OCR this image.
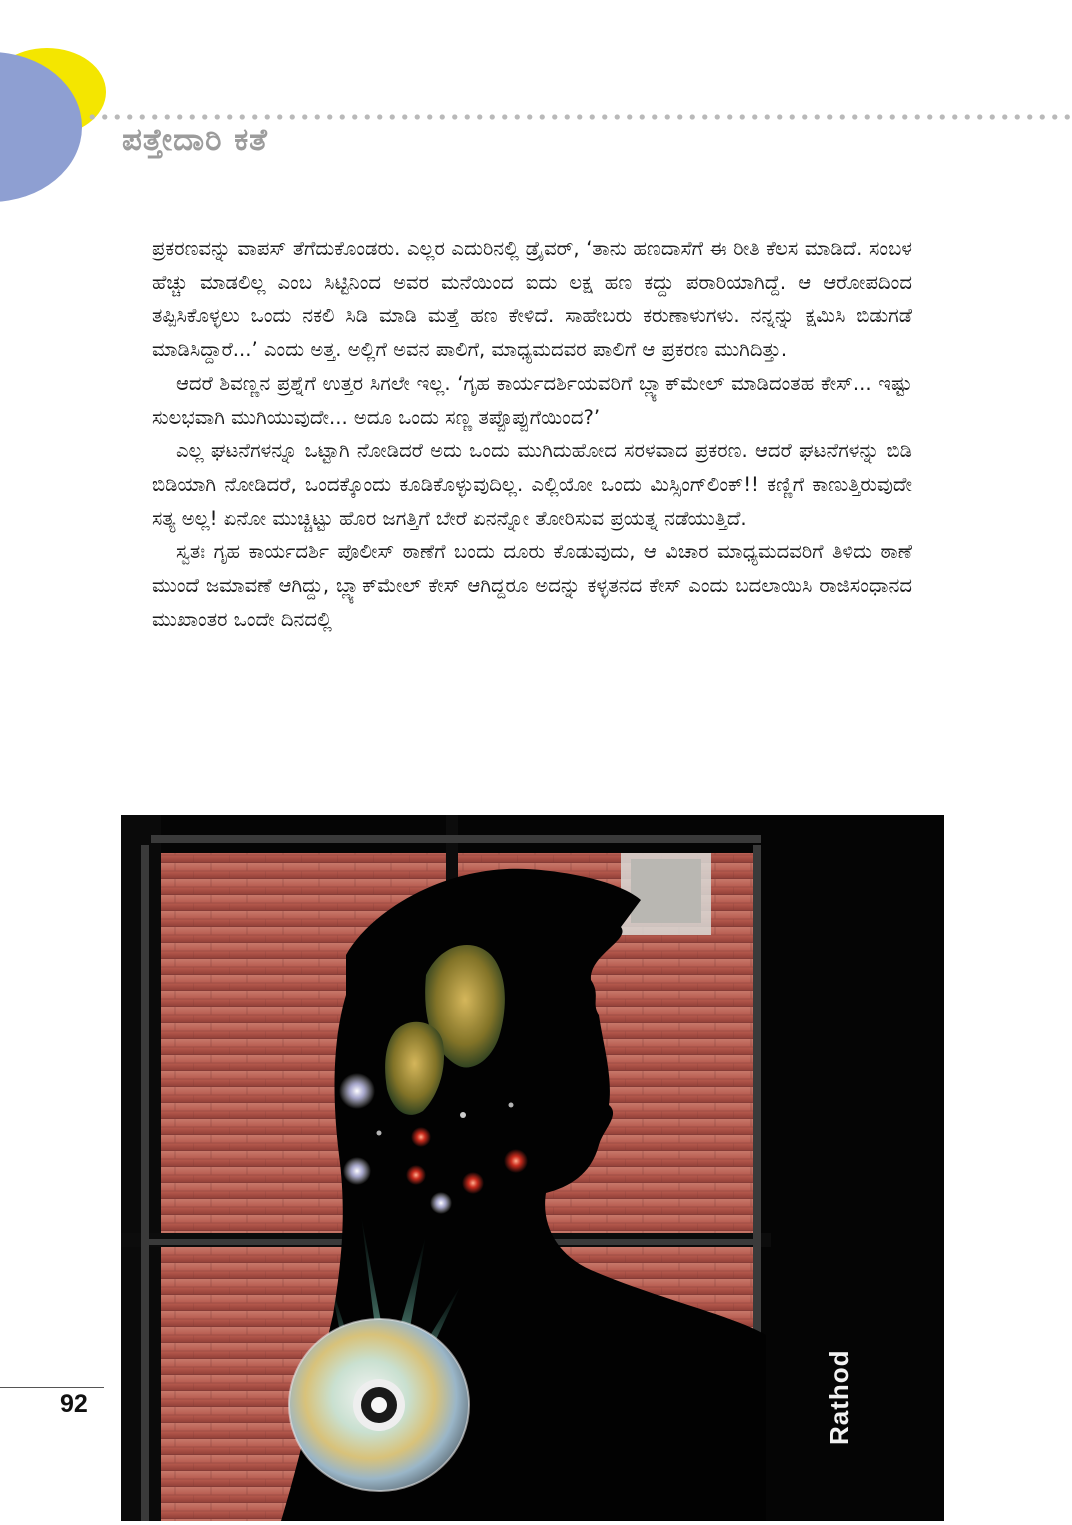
ಪತ್ತೇದಾರಿ ಕತೆ

ಪ್ರಕರಣವನ್ನು ವಾಪಸ್ ತೆಗೆದುಕೊಂಡರು. ಎಲ್ಲರ ಎದುರಿನಲ್ಲಿ ಡ್ರೈವರ್, ‘ತಾನು ಹಣದಾಸೆಗೆ ಈ ರೀತಿ ಕೆಲಸ ಮಾಡಿದೆ. ಸಂಬಳ ಹೆಚ್ಚು ಮಾಡಲಿಲ್ಲ ಎಂಬ ಸಿಟ್ಟಿನಿಂದ ಅವರ ಮನೆಯಿಂದ ಐದು ಲಕ್ಷ ಹಣ ಕದ್ದು ಪರಾರಿಯಾಗಿದ್ದೆ. ಆ ಆರೋಪದಿಂದ ತಪ್ಪಿಸಿಕೊಳ್ಳಲು ಒಂದು ನಕಲಿ ಸಿಡಿ ಮಾಡಿ ಮತ್ತೆ ಹಣ ಕೇಳಿದೆ. ಸಾಹೇಬರು ಕರುಣಾಳುಗಳು. ನನ್ನನ್ನು ಕ್ಷಮಿಸಿ ಬಿಡುಗಡೆ ಮಾಡಿಸಿದ್ದಾರೆ...’ ಎಂದು ಅತ್ತ. ಅಲ್ಲಿಗೆ ಅವನ ಪಾಲಿಗೆ, ಮಾಧ್ಯಮದವರ ಪಾಲಿಗೆ ಆ ಪ್ರಕರಣ ಮುಗಿದಿತ್ತು.

ಆದರೆ ಶಿವಣ್ಣನ ಪ್ರಶ್ನೆಗೆ ಉತ್ತರ ಸಿಗಲೇ ಇಲ್ಲ. ‘ಗೃಹ ಕಾರ್ಯದರ್ಶಿಯವರಿಗೆ ಬ್ಲ್ಯಾಕ್‌ಮೇಲ್ ಮಾಡಿದಂತಹ ಕೇಸ್... ಇಷ್ಟು ಸುಲಭವಾಗಿ ಮುಗಿಯುವುದೇ... ಅದೂ ಒಂದು ಸಣ್ಣ ತಪ್ಪೊಪ್ಪುಗೆಯಿಂದ?’

ಎಲ್ಲ ಘಟನೆಗಳನ್ನೂ ಒಟ್ಟಾಗಿ ನೋಡಿದರೆ ಅದು ಒಂದು ಮುಗಿದುಹೋದ ಸರಳವಾದ ಪ್ರಕರಣ. ಆದರೆ ಘಟನೆಗಳನ್ನು ಬಿಡಿ ಬಿಡಿಯಾಗಿ ನೋಡಿದರೆ, ಒಂದಕ್ಕೊಂದು ಕೂಡಿಕೊಳ್ಳುವುದಿಲ್ಲ. ಎಲ್ಲಿಯೋ ಒಂದು ಮಿಸ್ಸಿಂಗ್‌ಲಿಂಕ್!! ಕಣ್ಣಿಗೆ ಕಾಣುತ್ತಿರುವುದೇ ಸತ್ಯ ಅಲ್ಲ! ಏನೋ ಮುಚ್ಚಿಟ್ಟು ಹೊರ ಜಗತ್ತಿಗೆ ಬೇರೆ ಏನನ್ನೋ ತೋರಿಸುವ ಪ್ರಯತ್ನ ನಡೆಯುತ್ತಿದೆ.

ಸ್ವತಃ ಗೃಹ ಕಾರ್ಯದರ್ಶಿ ಪೊಲೀಸ್ ಠಾಣೆಗೆ ಬಂದು ದೂರು ಕೊಡುವುದು, ಆ ವಿಚಾರ ಮಾಧ್ಯಮದವರಿಗೆ ತಿಳಿದು ಠಾಣೆ ಮುಂದೆ ಜಮಾವಣೆ ಆಗಿದ್ದು, ಬ್ಲ್ಯಾಕ್‌ಮೇಲ್ ಕೇಸ್ ಆಗಿದ್ದರೂ ಅದನ್ನು ಕಳ್ಳತನದ ಕೇಸ್ ಎಂದು ಬದಲಾಯಿಸಿ ರಾಜಿಸಂಧಾನದ ಮುಖಾಂತರ ಒಂದೇ ದಿನದಲ್ಲಿ

Rathod
92
